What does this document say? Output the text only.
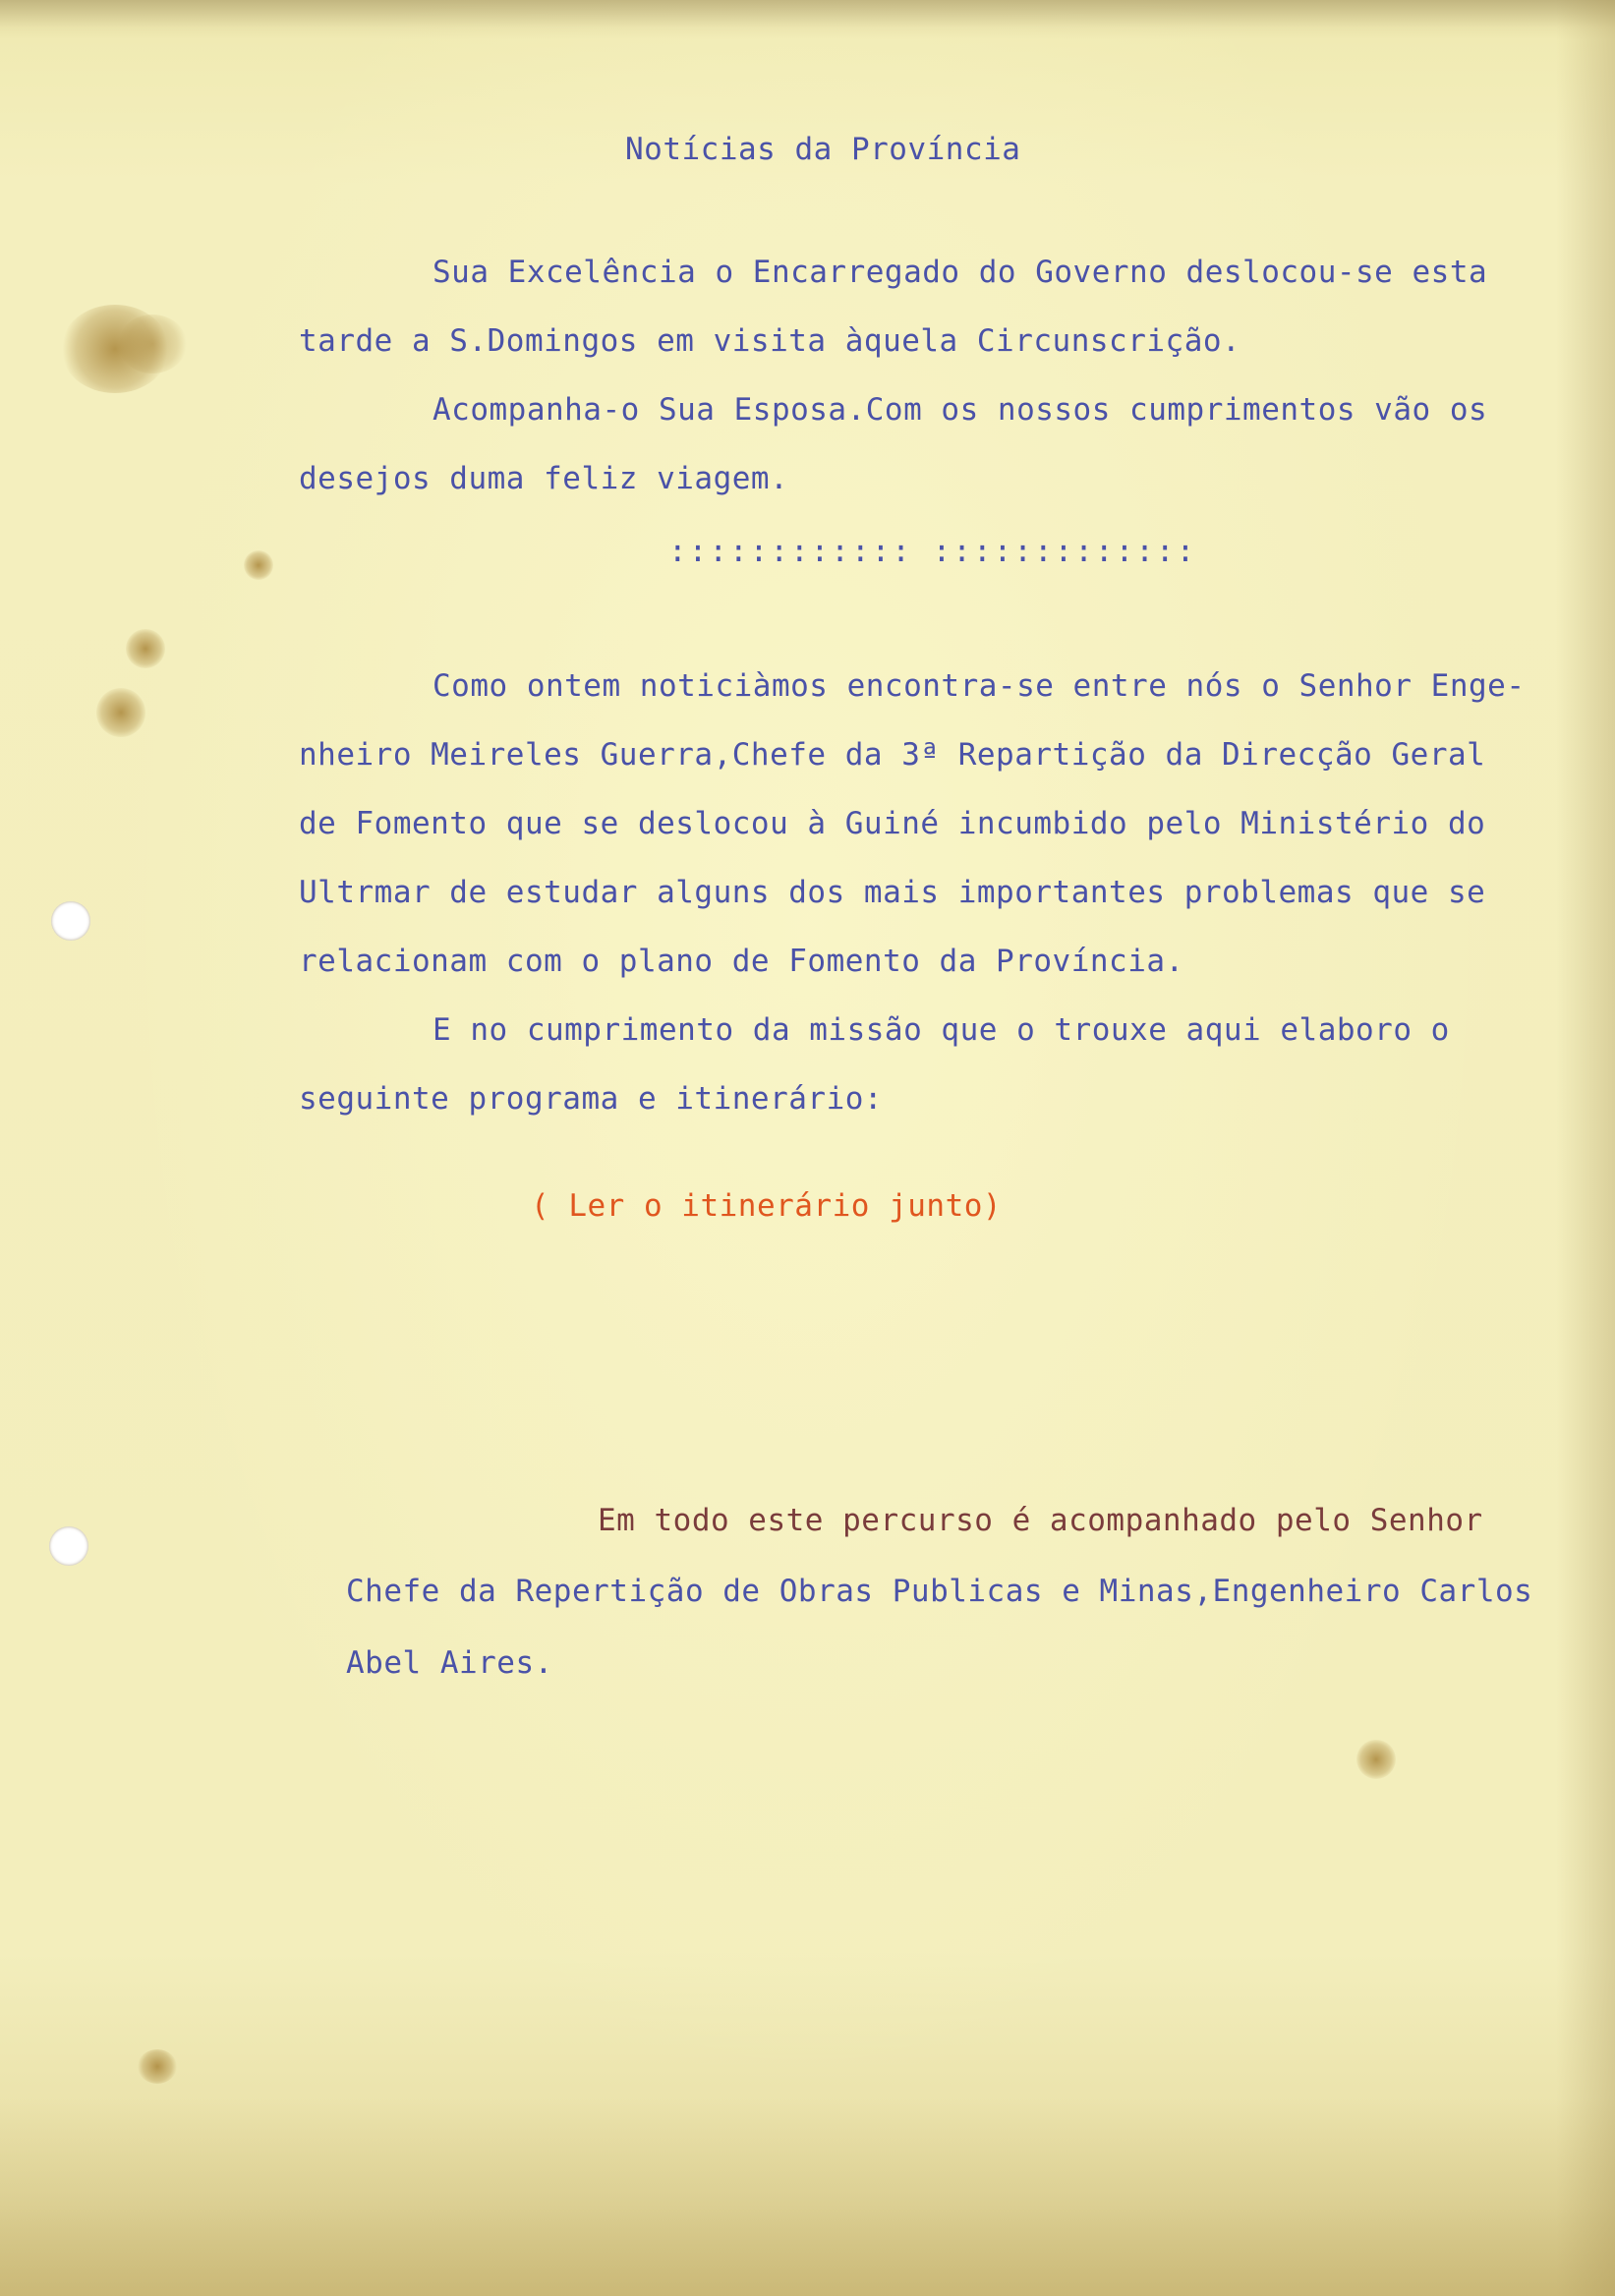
Notícias da Província
Sua Excelência o Encarregado do Governo deslocou-se esta
tarde a S.Domingos em visita àquela Circunscrição.
Acompanha-o Sua Esposa.Com os nossos cumprimentos vão os
desejos duma feliz viagem.
:::::::::::: :::::::::::::
Como ontem noticiàmos encontra-se entre nós o Senhor Enge-
nheiro Meireles Guerra,Chefe da 3ª Repartição da Direcção Geral
de Fomento que se deslocou à Guiné incumbido pelo Ministério do
Ultrmar de estudar alguns dos mais importantes problemas que se
relacionam com o plano de Fomento da Província.
E no cumprimento da missão que o trouxe aqui elaboro o
seguinte programa e itinerário:
( Ler o itinerário junto)
Em todo este percurso é acompanhado pelo Senhor
Chefe da Repertição de Obras Publicas e Minas,Engenheiro Carlos
Abel Aires.
